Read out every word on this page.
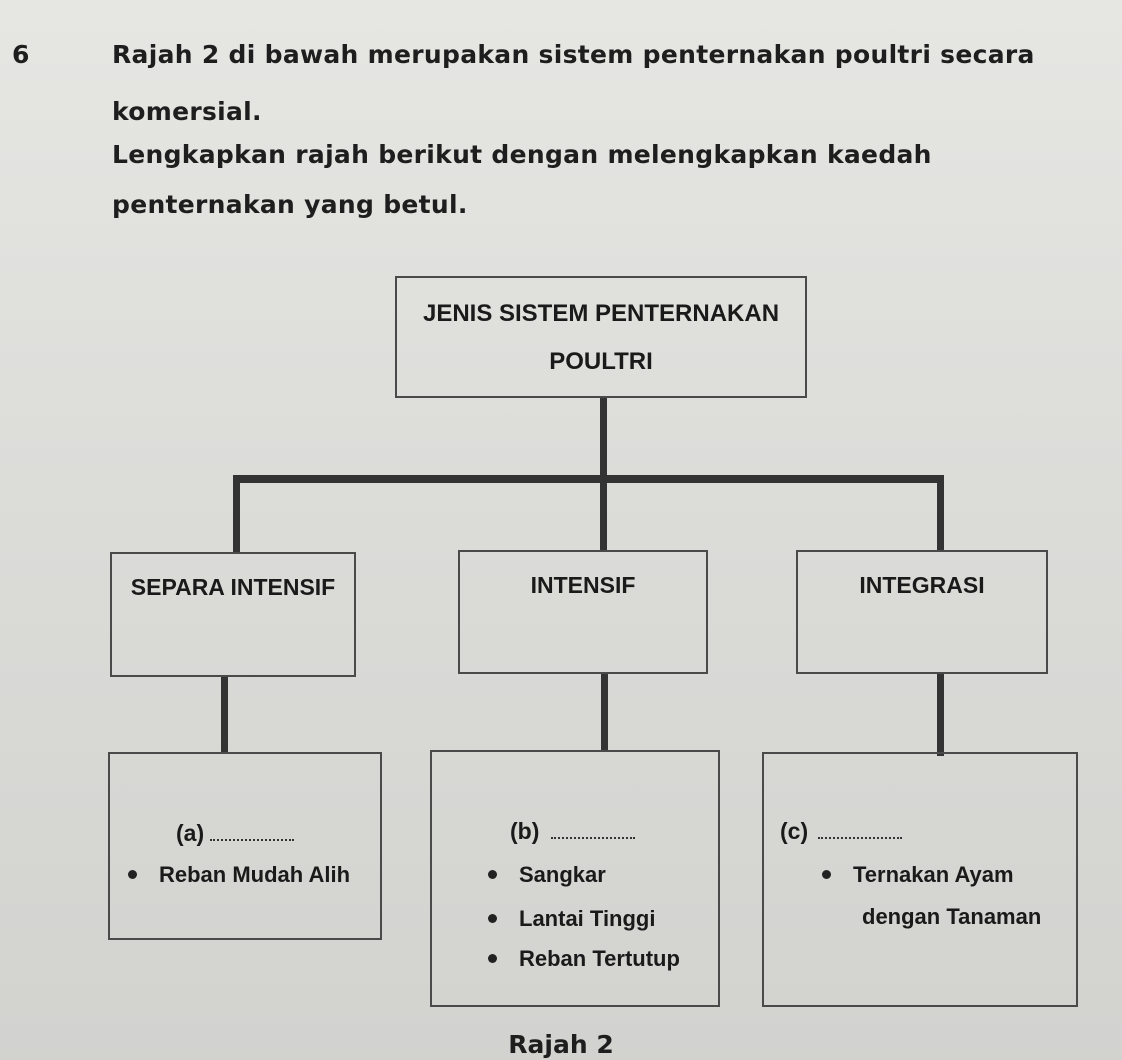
6	Rajah 2 di bawah merupakan sistem penternakan poultri secara
komersial.
Lengkapkan rajah berikut dengan melengkapkan kaedah
penternakan yang betul.
JENIS SISTEM PENTERNAKAN
POULTRI
SEPARA INTENSIF	INTENSIF	INTEGRASI
(a)
Reban Mudah Alih
(b)
Sangkar
Lantai Tinggi
Reban Tertutup
(c)
Ternakan Ayam
dengan Tanaman
Rajah 2
